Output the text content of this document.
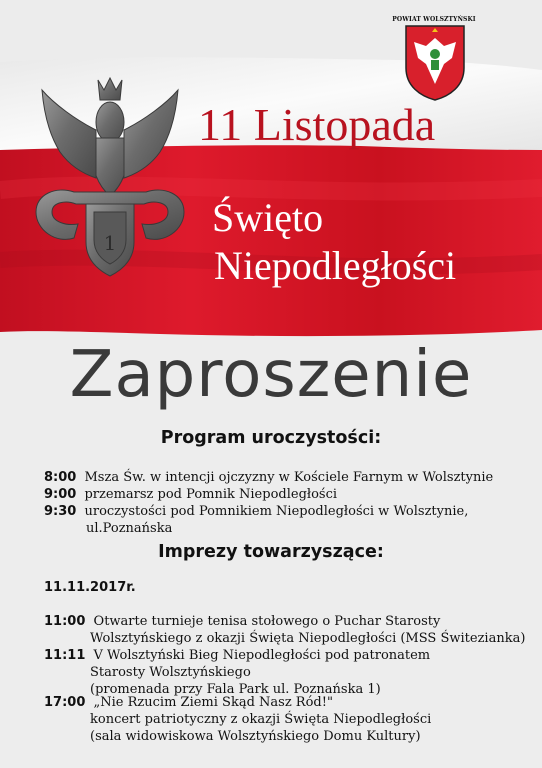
POWIAT WOLSZTYŃSKI
1
11 Listopada
Święto
Niepodległości
Zaproszenie
Program uroczystości:
8:00 Msza Św. w intencji ojczyzny w Kościele Farnym w Wolsztynie
9:00 przemarsz pod Pomnik Niepodległości
9:30 uroczystości pod Pomnikiem Niepodległości w Wolsztynie,
ul.Poznańska
Imprezy towarzyszące:
11.11.2017r.
11:00 Otwarte turnieje tenisa stołowego o Puchar Starosty
Wolsztyńskiego z okazji Święta Niepodległości (MSS Świtezianka)
11:11 V Wolsztyński Bieg Niepodległości pod patronatem
Starosty Wolsztyńskiego
(promenada przy Fala Park ul. Poznańska 1)
17:00 „Nie Rzucim Ziemi Skąd Nasz Ród!"
koncert patriotyczny z okazji Święta Niepodległości
(sala widowiskowa Wolsztyńskiego Domu Kultury)
